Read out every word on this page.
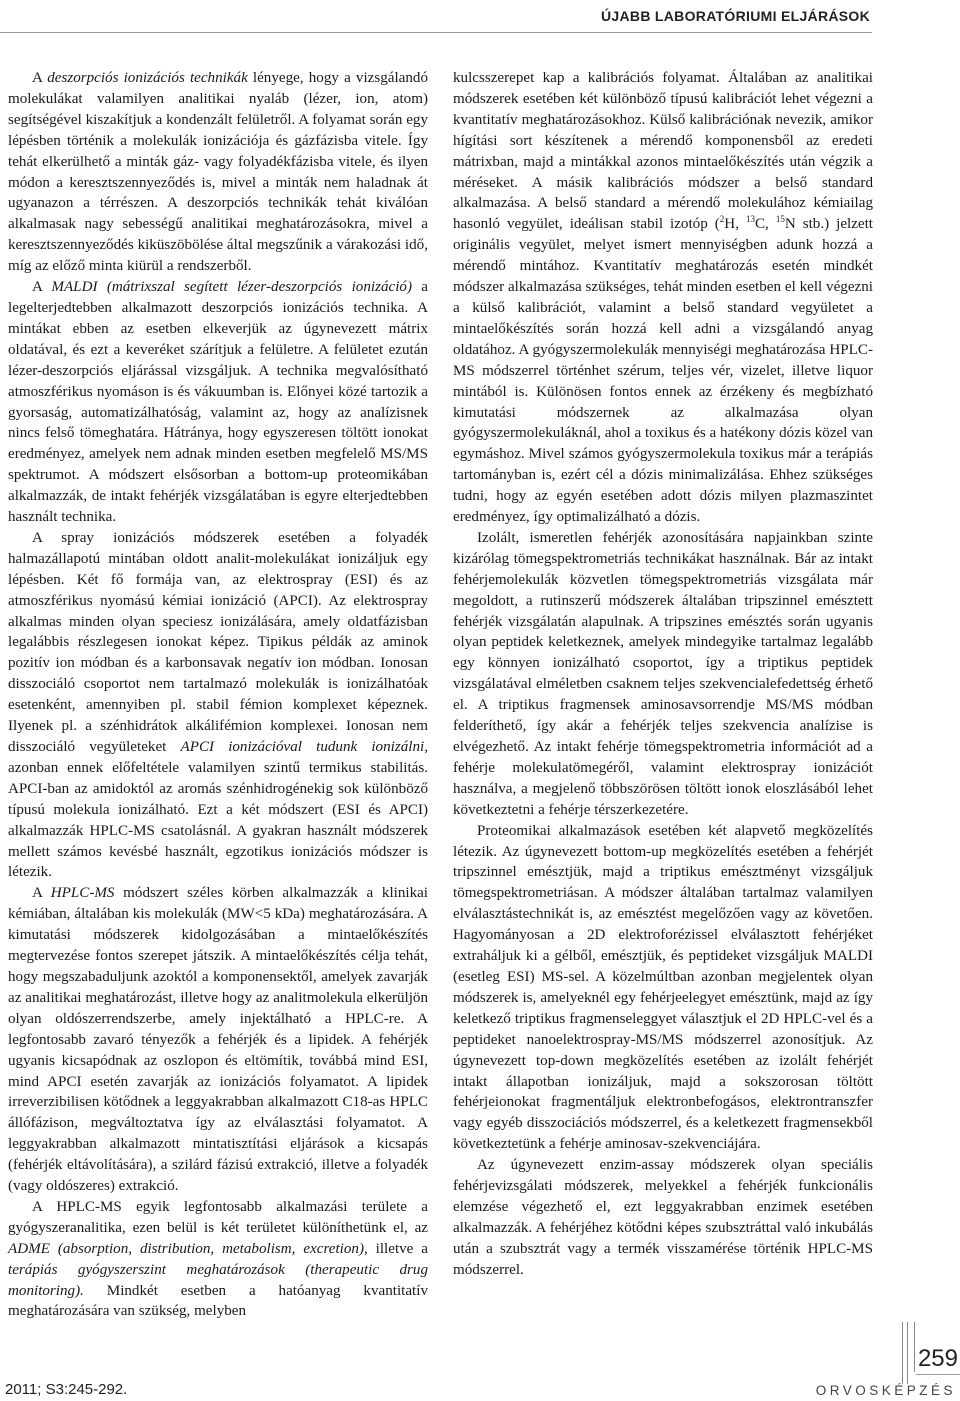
ÚJABB LABORATÓRIUMI ELJÁRÁSOK

A deszorpciós ionizációs technikák lényege, hogy a vizsgálandó molekulákat valamilyen analitikai nyaláb (lézer, ion, atom) segítségével kiszakítjuk a kondenzált felületről. A folyamat során egy lépésben történik a molekulák ionizációja és gázfázisba vitele. Így tehát elkerülhető a minták gáz- vagy folyadékfázisba vitele, és ilyen módon a keresztszennyeződés is, mivel a minták nem haladnak át ugyanazon a térrészen. A deszorpciós technikák tehát kiválóan alkalmasak nagy sebességű analitikai meghatározásokra, mivel a keresztszennyeződés kiküszöbölése által megszűnik a várakozási idő, míg az előző minta kiürül a rendszerből.

A MALDI (mátrixszal segített lézer-deszorpciós ionizáció) a legelterjedtebben alkalmazott deszorpciós ionizációs technika. A mintákat ebben az esetben elkeverjük az úgynevezett mátrix oldatával, és ezt a keveréket szárítjuk a felületre. A felületet ezután lézer-deszorpciós eljárással vizsgáljuk. A technika megvalósítható atmoszférikus nyomáson is és vákuumban is. Előnyei közé tartozik a gyorsaság, automatizálhatóság, valamint az, hogy az analízisnek nincs felső tömeghatára. Hátránya, hogy egyszeresen töltött ionokat eredményez, amelyek nem adnak minden esetben megfelelő MS/MS spektrumot. A módszert elsősorban a bottom-up proteomikában alkalmazzák, de intakt fehérjék vizsgálatában is egyre elterjedtebben használt technika.

A spray ionizációs módszerek esetében a folyadék halmazállapotú mintában oldott analit-molekulákat ionizáljuk egy lépésben. Két fő formája van, az elektrospray (ESI) és az atmoszférikus nyomású kémiai ionizáció (APCI). Az elektrospray alkalmas minden olyan speciesz ionizálására, amely oldatfázisban legalábbis részlegesen ionokat képez. Tipikus példák az aminok pozitív ion módban és a karbonsavak negatív ion módban. Ionosan disszociáló csoportot nem tartalmazó molekulák is ionizálhatóak esetenként, amennyiben pl. stabil fémion komplexet képeznek. Ilyenek pl. a szénhidrátok alkálifémion komplexei. Ionosan nem disszociáló vegyületeket APCI ionizációval tudunk ionizálni, azonban ennek előfeltétele valamilyen szintű termikus stabilitás. APCI-ban az amidoktól az aromás szénhidrogénekig sok különböző típusú molekula ionizálható. Ezt a két módszert (ESI és APCI) alkalmazzák HPLC-MS csatolásnál. A gyakran használt módszerek mellett számos kevésbé használt, egzotikus ionizációs módszer is létezik.

A HPLC-MS módszert széles körben alkalmazzák a klinikai kémiában, általában kis molekulák (MW<5 kDa) meghatározására. A kimutatási módszerek kidolgozásában a mintaelőkészítés megtervezése fontos szerepet játszik. A mintaelőkészítés célja tehát, hogy megszabaduljunk azoktól a komponensektől, amelyek zavarják az analitikai meghatározást, illetve hogy az analitmolekula elkerüljön olyan oldószerrendszerbe, amely injektálható a HPLC-re. A legfontosabb zavaró tényezők a fehérjék és a lipidek. A fehérjék ugyanis kicsapódnak az oszlopon és eltömítik, továbbá mind ESI, mind APCI esetén zavarják az ionizációs folyamatot. A lipidek irreverzibilisen kötődnek a leggyakrabban alkalmazott C18-as HPLC állófázison, megváltoztatva így az elválasztási folyamatot. A leggyakrabban alkalmazott mintatisztítási eljárások a kicsapás (fehérjék eltávolítására), a szilárd fázisú extrakció, illetve a folyadék (vagy oldószeres) extrakció.

A HPLC-MS egyik legfontosabb alkalmazási területe a gyógyszeranalitika, ezen belül is két területet különíthetünk el, az ADME (absorption, distribution, metabolism, excretion), illetve a terápiás gyógyszerszint meghatározások (therapeutic drug monitoring). Mindkét esetben a hatóanyag kvantitatív meghatározására van szükség, melyben

kulcsszerepet kap a kalibrációs folyamat. Általában az analitikai módszerek esetében két különböző típusú kalibrációt lehet végezni a kvantitatív meghatározásokhoz. Külső kalibrációnak nevezik, amikor hígítási sort készítenek a mérendő komponensből az eredeti mátrixban, majd a mintákkal azonos mintaelőkészítés után végzik a méréseket. A másik kalibrációs módszer a belső standard alkalmazása. A belső standard a mérendő molekulához kémiailag hasonló vegyület, ideálisan stabil izotóp ($^2$H, $^{13}$C, $^{15}$N stb.) jelzett originális vegyület, melyet ismert mennyiségben adunk hozzá a mérendő mintához. Kvantitatív meghatározás esetén mindkét módszer alkalmazása szükséges, tehát minden esetben el kell végezni a külső kalibrációt, valamint a belső standard vegyületet a mintaelőkészítés során hozzá kell adni a vizsgálandó anyag oldatához. A gyógyszermolekulák mennyiségi meghatározása HPLC-MS módszerrel történhet szérum, teljes vér, vizelet, illetve liquor mintából is. Különösen fontos ennek az érzékeny és megbízható kimutatási módszernek az alkalmazása olyan gyógyszermolekuláknál, ahol a toxikus és a hatékony dózis közel van egymáshoz. Mivel számos gyógyszermolekula toxikus már a terápiás tartományban is, ezért cél a dózis minimalizálása. Ehhez szükséges tudni, hogy az egyén esetében adott dózis milyen plazmaszintet eredményez, így optimalizálható a dózis.

Izolált, ismeretlen fehérjék azonosítására napjainkban szinte kizárólag tömegspektrometriás technikákat használnak. Bár az intakt fehérjemolekulák közvetlen tömegspektrometriás vizsgálata már megoldott, a rutinszerű módszerek általában tripszinnel emésztett fehérjék vizsgálatán alapulnak. A tripszines emésztés során ugyanis olyan peptidek keletkeznek, amelyek mindegyike tartalmaz legalább egy könnyen ionizálható csoportot, így a triptikus peptidek vizsgálatával elméletben csaknem teljes szekvencialefedettség érhető el. A triptikus fragmensek aminosavsorrendje MS/MS módban felderíthető, így akár a fehérjék teljes szekvencia analízise is elvégezhető. Az intakt fehérje tömegspektrometria információt ad a fehérje molekulatömegéről, valamint elektrospray ionizációt használva, a megjelenő többszörösen töltött ionok eloszlásából lehet következtetni a fehérje térszerkezetére.

Proteomikai alkalmazások esetében két alapvető megközelítés létezik. Az úgynevezett bottom-up megközelítés esetében a fehérjét tripszinnel emésztjük, majd a triptikus emésztményt vizsgáljuk tömegspektrometriásan. A módszer általában tartalmaz valamilyen elválasztástechnikát is, az emésztést megelőzően vagy az követően. Hagyományosan a 2D elektroforézissel elválasztott fehérjéket extraháljuk ki a gélből, emésztjük, és peptideket vizsgáljuk MALDI (esetleg ESI) MS-sel. A közelmúltban azonban megjelentek olyan módszerek is, amelyeknél egy fehérjeelegyet emésztünk, majd az így keletkező triptikus fragmenseleggyet választjuk el 2D HPLC-vel és a peptideket nanoelektrospray-MS/MS módszerrel azonosítjuk. Az úgynevezett top-down megközelítés esetében az izolált fehérjét intakt állapotban ionizáljuk, majd a sokszorosan töltött fehérjeionokat fragmentáljuk elektronbefogásos, elektrontranszfer vagy egyéb disszociációs módszerrel, és a keletkezett fragmensekből következtetünk a fehérje aminosav-szekvenciájára.

Az úgynevezett enzim-assay módszerek olyan speciális fehérjevizsgálati módszerek, melyekkel a fehérjék funkcionális elemzése végezhető el, ezt leggyakrabban enzimek esetében alkalmazzák. A fehérjéhez kötődni képes szubsztráttal való inkubálás után a szubsztrát vagy a termék visszamérése történik HPLC-MS módszerrel.

259
2011; S3:245-292.	ORVOSKÉPZÉS
